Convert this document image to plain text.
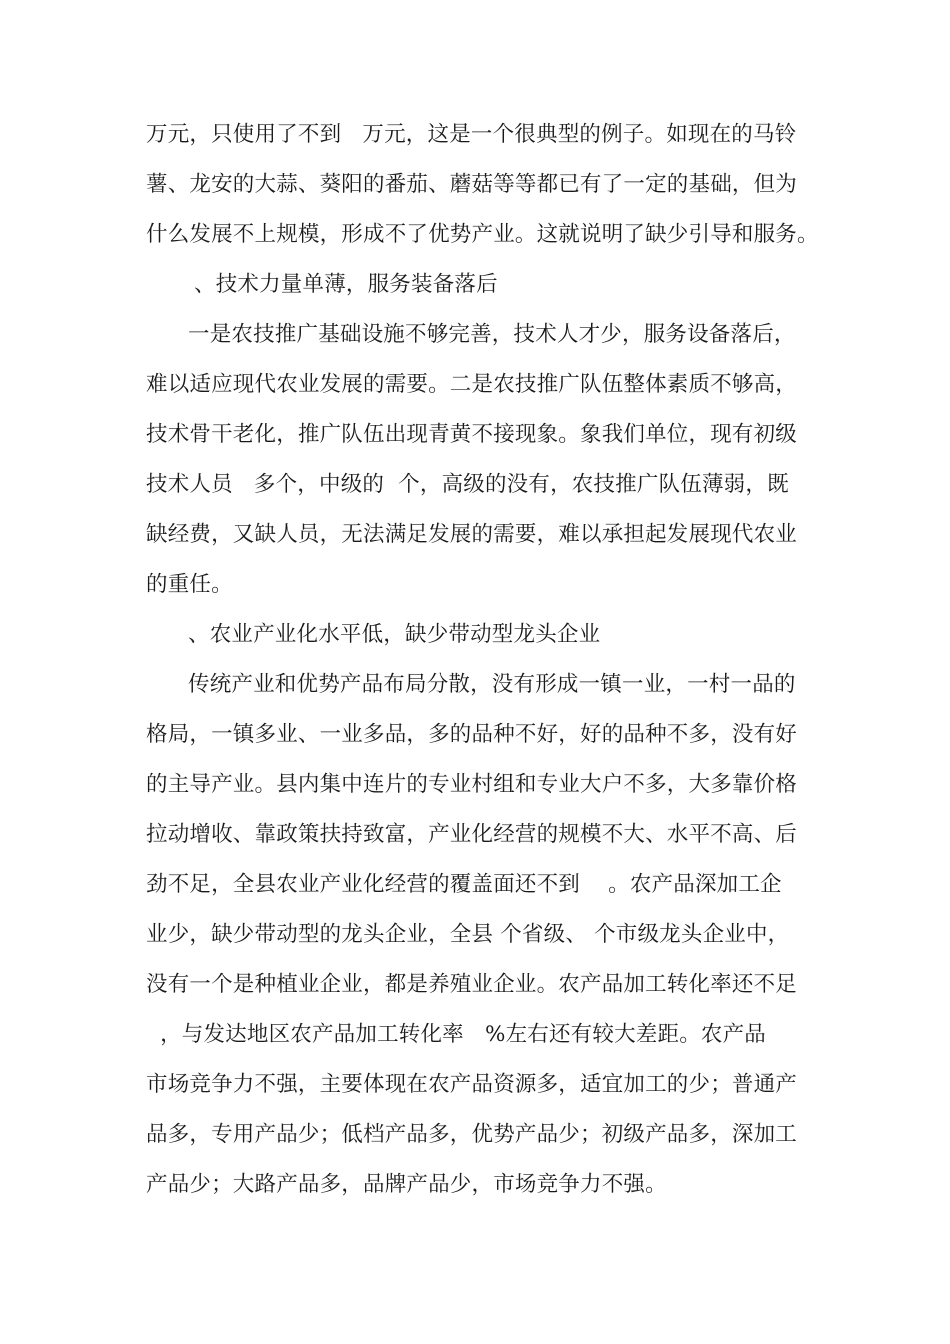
万元，只使用了不到   万元，这是一个很典型的例子。如现在的马铃
薯、龙安的大蒜、葵阳的番茄、蘑菇等等都已有了一定的基础，但为
什么发展不上规模，形成不了优势产业。这就说明了缺少引导和服务。
、技术力量单薄，服务装备落后
一是农技推广基础设施不够完善，技术人才少，服务设备落后，
难以适应现代农业发展的需要。二是农技推广队伍整体素质不够高，
技术骨干老化，推广队伍出现青黄不接现象。象我们单位，现有初级
技术人员   多个，中级的  个，高级的没有，农技推广队伍薄弱，既
缺经费，又缺人员，无法满足发展的需要，难以承担起发展现代农业
的重任。
、农业产业化水平低，缺少带动型龙头企业
传统产业和优势产品布局分散，没有形成一镇一业，一村一品的
格局，一镇多业、一业多品，多的品种不好，好的品种不多，没有好
的主导产业。县内集中连片的专业村组和专业大户不多，大多靠价格
拉动增收、靠政策扶持致富，产业化经营的规模不大、水平不高、后
劲不足，全县农业产业化经营的覆盖面还不到    。农产品深加工企
业少，缺少带动型的龙头企业，全县 个省级、 个市级龙头企业中，
没有一个是种植业企业，都是养殖业企业。农产品加工转化率还不足
，与发达地区农产品加工转化率   %左右还有较大差距。农产品
市场竞争力不强，主要体现在农产品资源多，适宜加工的少；普通产
品多，专用产品少；低档产品多，优势产品少；初级产品多，深加工
产品少；大路产品多，品牌产品少，市场竞争力不强。
